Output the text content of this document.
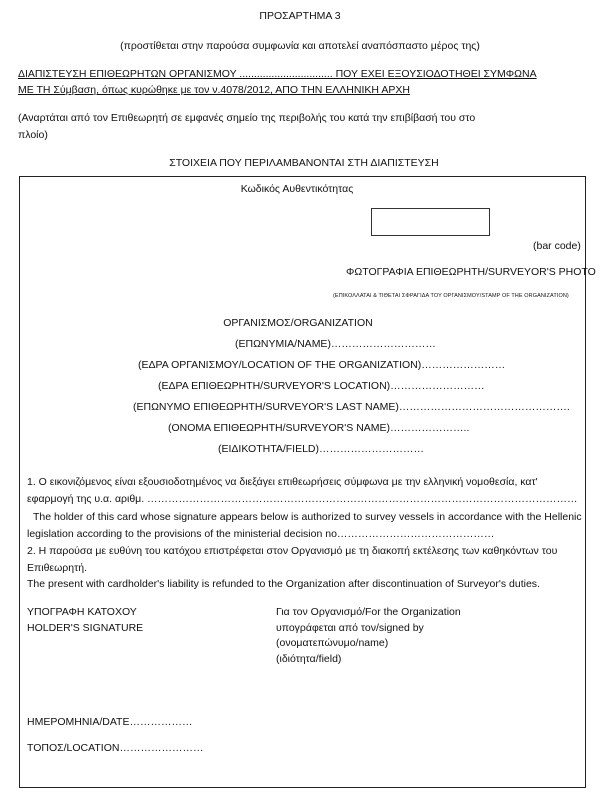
ΠΡΟΣΑΡΤΗΜΑ 3
(προστίθεται στην παρούσα συμφωνία και αποτελεί αναπόσπαστο μέρος της)
ΔΙΑΠΙΣΤΕΥΣΗ ΕΠΙΘΕΩΡΗΤΩΝ ΟΡΓΑΝΙΣΜΟΥ ................................ ΠΟΥ ΕΧΕΙ ΕΞΟΥΣΙΟΔΟΤΗΘΕΙ ΣΥΜΦΩΝΑ
ΜΕ ΤΗ Σύμβαση, όπως κυρώθηκε με τον ν.4078/2012, ΑΠΟ ΤΗΝ ΕΛΛΗΝΙΚΗ ΑΡΧΗ
(Αναρτάται από τον Επιθεωρητή σε εμφανές σημείο της περιβολής του κατά την επιβίβασή του στο
πλοίο)
ΣΤΟΙΧΕΙΑ ΠΟΥ ΠΕΡΙΛΑΜΒΑΝΟΝΤΑΙ ΣΤΗ ΔΙΑΠΙΣΤΕΥΣΗ
Κωδικός Αυθεντικότητας
(bar code)
ΦΩΤΟΓΡΑΦΙΑ ΕΠΙΘΕΩΡΗΤΗ/SURVEYOR'S PHOTO
(ΕΠΙΚΟΛΛΑΤΑΙ & ΤΙΘΕΤΑΙ ΣΦΡΑΓΙΔΑ ΤΟΥ ΟΡΓΑΝΙΣΜΟΥ/STAMP OF THE ORGANIZATION)
ΟΡΓΑΝΙΣΜΟΣ/ORGANIZATION
(ΕΠΩΝΥΜΙΑ/NAME)…………………………
(ΕΔΡΑ ΟΡΓΑΝΙΣΜΟΥ/LOCATION OF THE ORGANIZATION)……………………
(ΕΔΡΑ ΕΠΙΘΕΩΡΗΤΗ/SURVEYOR'S LOCATION)………………………
(ΕΠΩΝΥΜΟ ΕΠΙΘΕΩΡΗΤΗ/SURVEYOR'S LAST NAME)………………………………………….
(ΟΝΟΜΑ ΕΠΙΘΕΩΡΗΤΗ/SURVEYOR'S NAME)…………………..
(ΕΙΔΙΚΟΤΗΤΑ/FIELD)…………………………
1. Ο εικονιζόμενος είναι εξουσιοδοτημένος να διεξάγει επιθεωρήσεις σύμφωνα με την ελληνική νομοθεσία, κατ'
εφαρμογή της υ.α. αριθμ. ……………………………………………………………………………………………………………
The holder of this card whose signature appears below is authorized to survey vessels in accordance with the Hellenic
legislation according to the provisions of the ministerial decision no………………………………………
2. Η παρούσα με ευθύνη του κατόχου επιστρέφεται στον Οργανισμό με τη διακοπή εκτέλεσης των καθηκόντων του
Επιθεωρητή.
The present with cardholder's liability is refunded to the Organization after discontinuation of Surveyor's duties.
ΥΠΟΓΡΑΦΗ ΚΑΤΟΧΟΥ
HOLDER'S SIGNATURE
Για τον Οργανισμό/For the Organization
υπογράφεται από τον/signed by
(ονοματεπώνυμο/name)
(ιδιότητα/field)
ΗΜΕΡΟΜΗΝΙΑ/DATE………………
ΤΟΠΟΣ/LOCATION……………………
